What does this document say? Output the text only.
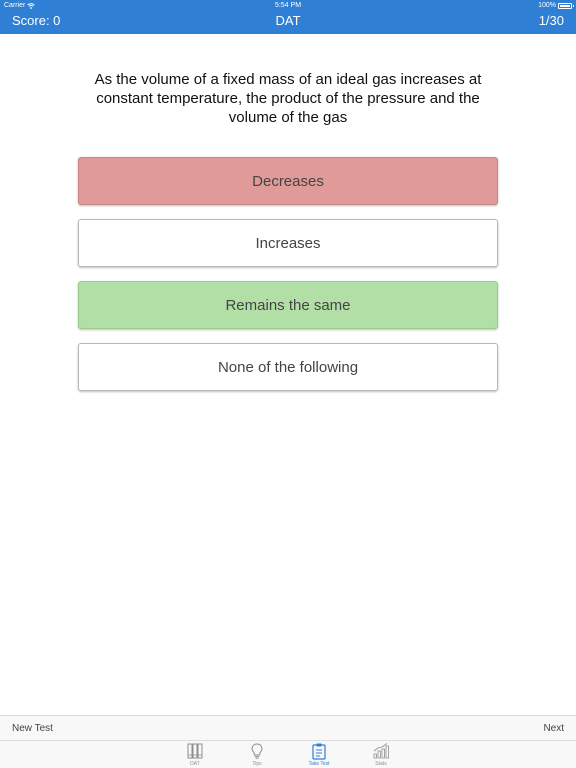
Carrier	5:54 PM	100%
Score: 0	DAT	1/30
As the volume of a fixed mass of an ideal gas increases at constant temperature, the product of the pressure and the volume of the gas
Decreases
Increases
Remains the same
None of the following
New Test	Next
DAT	Tips	Take Test	Stats
